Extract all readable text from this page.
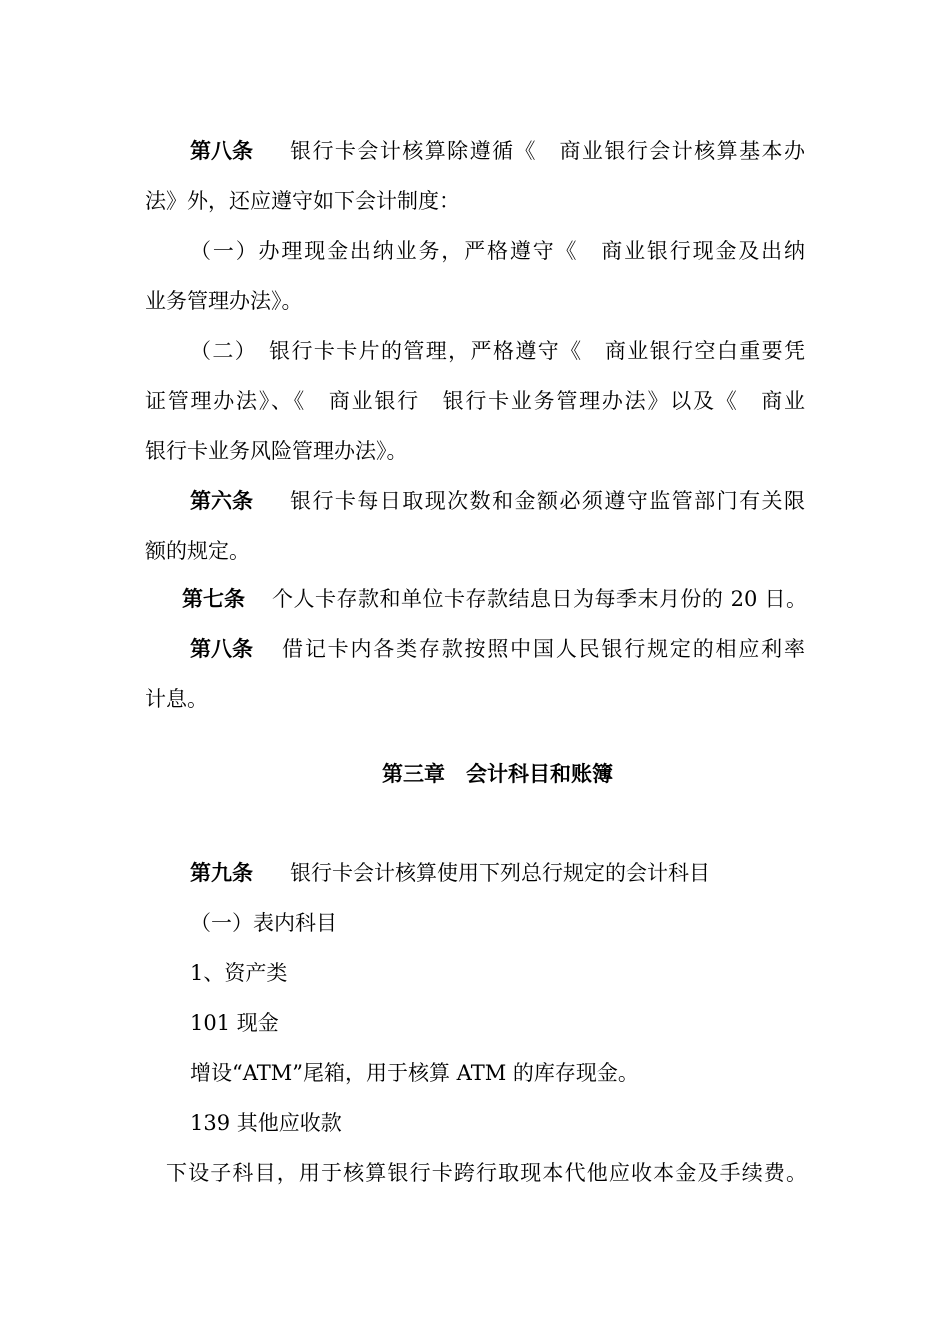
第八条 银行卡会计核算除遵循《　商业银行会计核算基本办
法》外，还应遵守如下会计制度：
（一）办理现金出纳业务，严格遵守《　商业银行现金及出纳
业务管理办法》。
（二）　银行卡卡片的管理，严格遵守《　商业银行空白重要凭
证管理办法》、《　商业银行　银行卡业务管理办法》以及《　商业
银行卡业务风险管理办法》。
第六条 银行卡每日取现次数和金额必须遵守监管部门有关限
额的规定。
第七条 个人卡存款和单位卡存款结息日为每季末月份的 20 日。
第八条 借记卡内各类存款按照中国人民银行规定的相应利率
计息。
第三章　会计科目和账簿
第九条 银行卡会计核算使用下列总行规定的会计科目
（一）表内科目
1、资产类
101 现金
增设“ATM”尾箱，用于核算 ATM 的库存现金。
139 其他应收款
下设子科目，用于核算银行卡跨行取现本代他应收本金及手续费。
